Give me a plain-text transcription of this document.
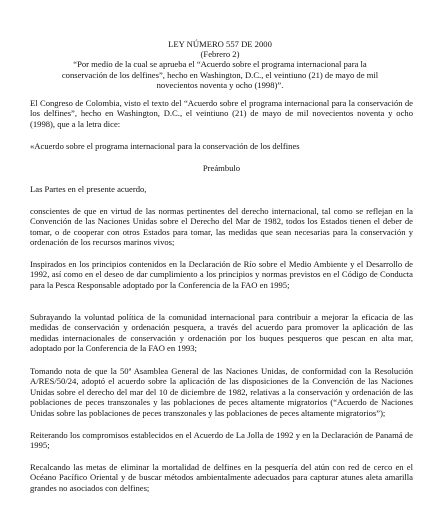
LEY NÚMERO 557 DE 2000
(Febrero 2)
“Por medio de la cual se aprueba el “Acuerdo sobre el programa internacional para la conservación de los delfines”, hecho en Washington, D.C., el veintiuno (21) de mayo de mil novecientos noventa y ocho (1998)”.

El Congreso de Colombia, visto el texto del “Acuerdo sobre el programa internacional para la conservación de los delfines”, hecho en Washington, D.C., el veintiuno (21) de mayo de mil novecientos noventa y ocho (1998), que a la letra dice:

«Acuerdo sobre el programa internacional para la conservación de los delfines

Preámbulo

Las Partes en el presente acuerdo,

conscientes de que en virtud de las normas pertinentes del derecho internacional, tal como se reflejan en la Convención de las Naciones Unidas sobre el Derecho del Mar de 1982, todos los Estados tienen el deber de tomar, o de cooperar con otros Estados para tomar, las medidas que sean necesarias para la conservación y ordenación de los recursos marinos vivos;

Inspirados en los principios contenidos en la Declaración de Río sobre el Medio Ambiente y el Desarrollo de 1992, así como en el deseo de dar cumplimiento a los principios y normas previstos en el Código de Conducta para la Pesca Responsable adoptado por la Conferencia de la FAO en 1995;

Subrayando la voluntad política de la comunidad internacional para contribuir a mejorar la eficacia de las medidas de conservación y ordenación pesquera, a través del acuerdo para promover la aplicación de las medidas internacionales de conservación y ordenación por los buques pesqueros que pescan en alta mar, adoptado por la Conferencia de la FAO en 1993;

Tomando nota de que la 50ª Asamblea General de las Naciones Unidas, de conformidad con la Resolución A/RES/50/24, adoptó el acuerdo sobre la aplicación de las disposiciones de la Convención de las Naciones Unidas sobre el derecho del mar del 10 de diciembre de 1982, relativas a la conservación y ordenación de las poblaciones de peces transzonales y las poblaciones de peces altamente migratorios (“Acuerdo de Naciones Unidas sobre las poblaciones de peces transzonales y las poblaciones de peces altamente migratorios”);

Reiterando los compromisos establecidos en el Acuerdo de La Jolla de 1992 y en la Declaración de Panamá de 1995;

Recalcando las metas de eliminar la mortalidad de delfines en la pesquería del atún con red de cerco en el Océano Pacífico Oriental y de buscar métodos ambientalmente adecuados para capturar atunes aleta amarilla grandes no asociados con delfines;
